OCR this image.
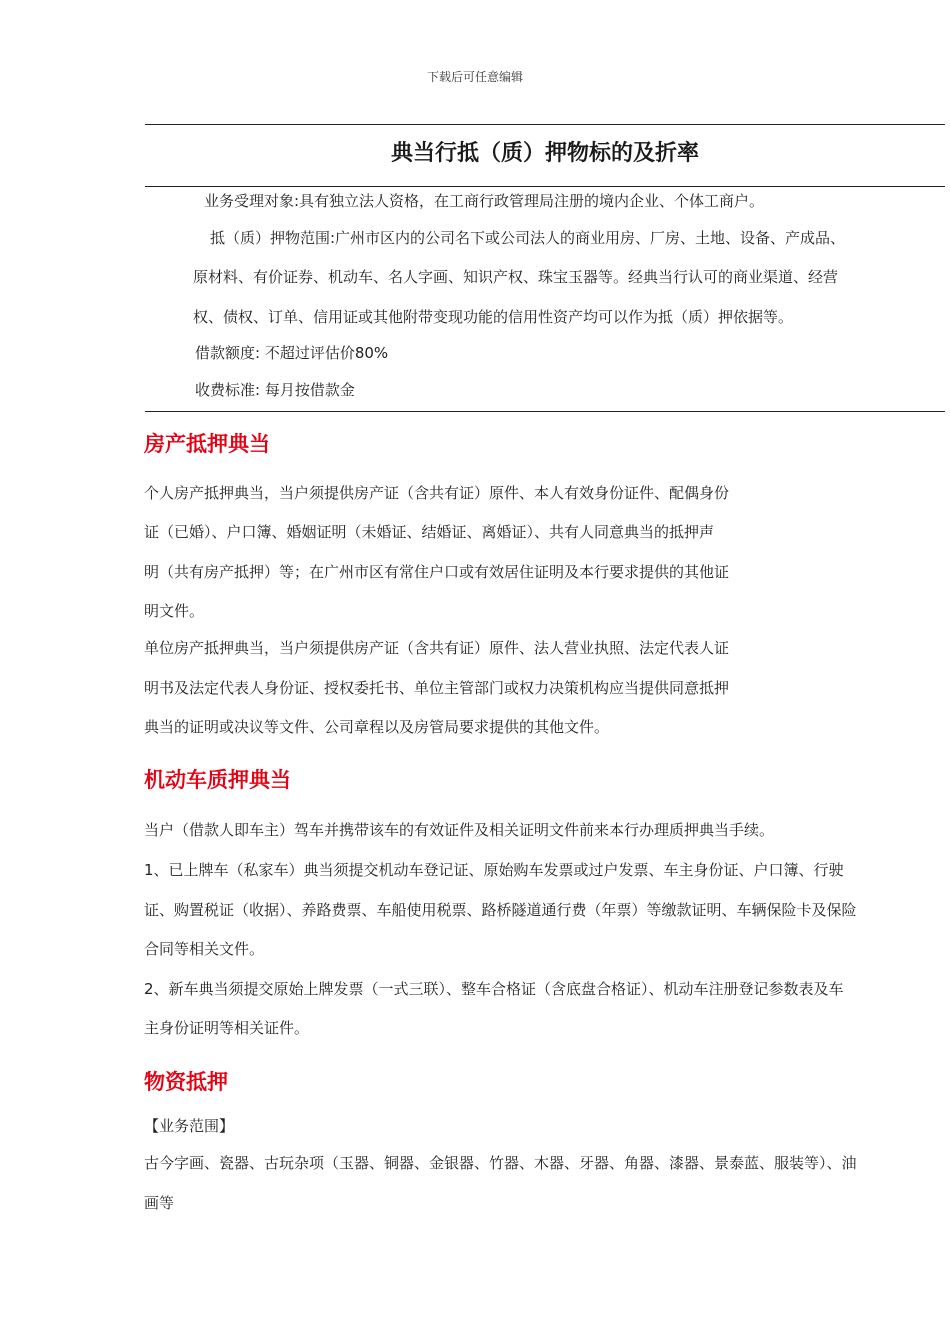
下载后可任意编辑
典当行抵（质）押物标的及折率
业务受理对象:具有独立法人资格，在工商行政管理局注册的境内企业、个体工商户。
抵（质）押物范围:广州市区内的公司名下或公司法人的商业用房、厂房、土地、设备、产成品、
原材料、有价证券、机动车、名人字画、知识产权、珠宝玉器等。经典当行认可的商业渠道、经营
权、债权、订单、信用证或其他附带变现功能的信用性资产均可以作为抵（质）押依据等。
借款额度: 不超过评估价80%
收费标准: 每月按借款金
房产抵押典当
个人房产抵押典当，当户须提供房产证（含共有证）原件、本人有效身份证件、配偶身份
证（已婚）、户口簿、婚姻证明（未婚证、结婚证、离婚证）、共有人同意典当的抵押声
明（共有房产抵押）等；在广州市区有常住户口或有效居住证明及本行要求提供的其他证
明文件。
单位房产抵押典当，当户须提供房产证（含共有证）原件、法人营业执照、法定代表人证
明书及法定代表人身份证、授权委托书、单位主管部门或权力决策机构应当提供同意抵押
典当的证明或决议等文件、公司章程以及房管局要求提供的其他文件。
机动车质押典当
当户（借款人即车主）驾车并携带该车的有效证件及相关证明文件前来本行办理质押典当手续。
1、已上牌车（私家车）典当须提交机动车登记证、原始购车发票或过户发票、车主身份证、户口簿、行驶
证、购置税证（收据）、养路费票、车船使用税票、路桥隧道通行费（年票）等缴款证明、车辆保险卡及保险
合同等相关文件。
2、新车典当须提交原始上牌发票（一式三联）、整车合格证（含底盘合格证）、机动车注册登记参数表及车
主身份证明等相关证件。
物资抵押
【业务范围】
古今字画、瓷器、古玩杂项（玉器、铜器、金银器、竹器、木器、牙器、角器、漆器、景泰蓝、服装等）、油
画等
